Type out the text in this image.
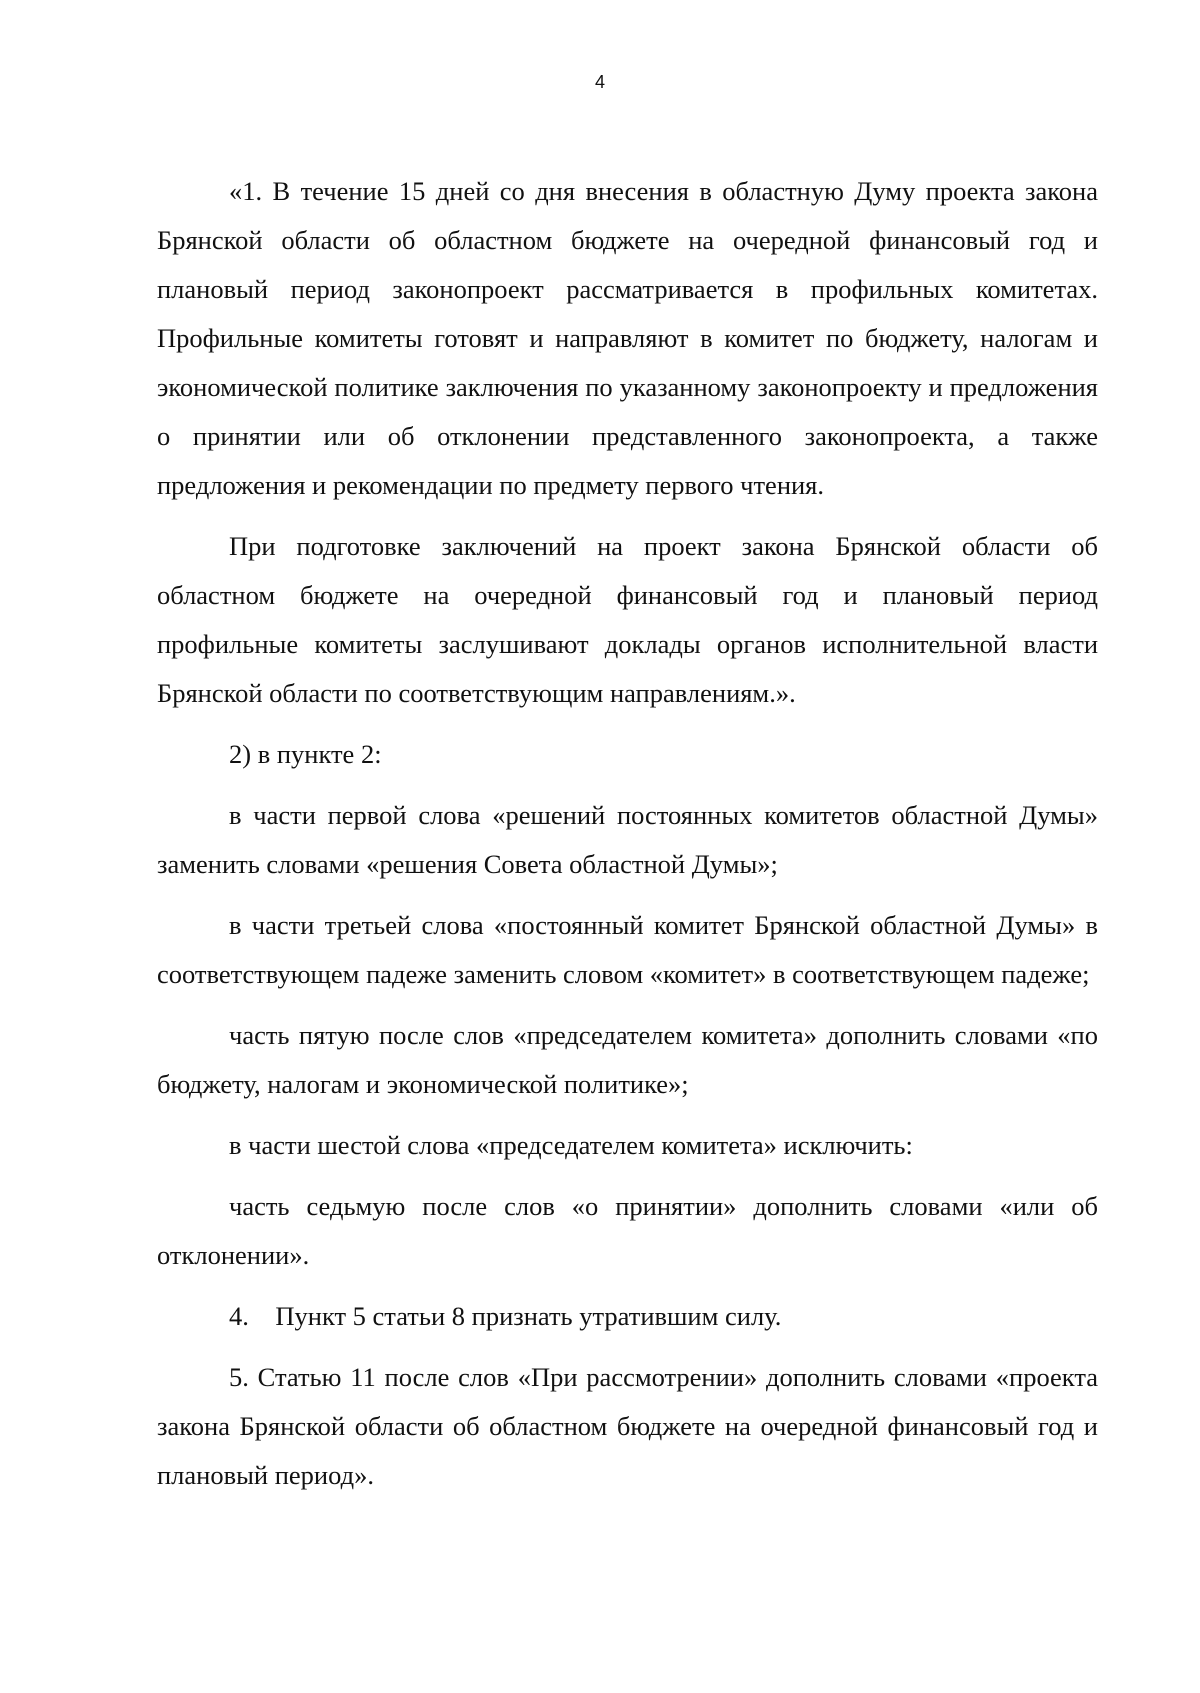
4

«1. В течение 15 дней со дня внесения в областную Думу проекта закона Брянской области об областном бюджете на очередной финансовый год и плановый период законопроект рассматривается в профильных комитетах. Профильные комитеты готовят и направляют в комитет по бюджету, налогам и экономической политике заключения по указанному законопроекту и предложения о принятии или об отклонении представленного законопроекта, а также предложения и рекомендации по предмету первого чтения.

При подготовке заключений на проект закона Брянской области об областном бюджете на очередной финансовый год и плановый период профильные комитеты заслушивают доклады органов исполнительной власти Брянской области по соответствующим направлениям.».

2) в пункте 2:

в части первой слова «решений постоянных комитетов областной Думы» заменить словами «решения Совета областной Думы»;

в части третьей слова «постоянный комитет Брянской областной Думы» в соответствующем падеже заменить словом «комитет» в соответствующем падеже;

часть пятую после слов «председателем комитета» дополнить словами «по бюджету, налогам и экономической политике»;

в части шестой слова «председателем комитета» исключить:

часть седьмую после слов «о принятии» дополнить словами «или об отклонении».

4.    Пункт 5 статьи 8 признать утратившим силу.

5. Статью 11 после слов «При рассмотрении» дополнить словами «проекта закона Брянской области об областном бюджете на очередной финансовый год и плановый период».
